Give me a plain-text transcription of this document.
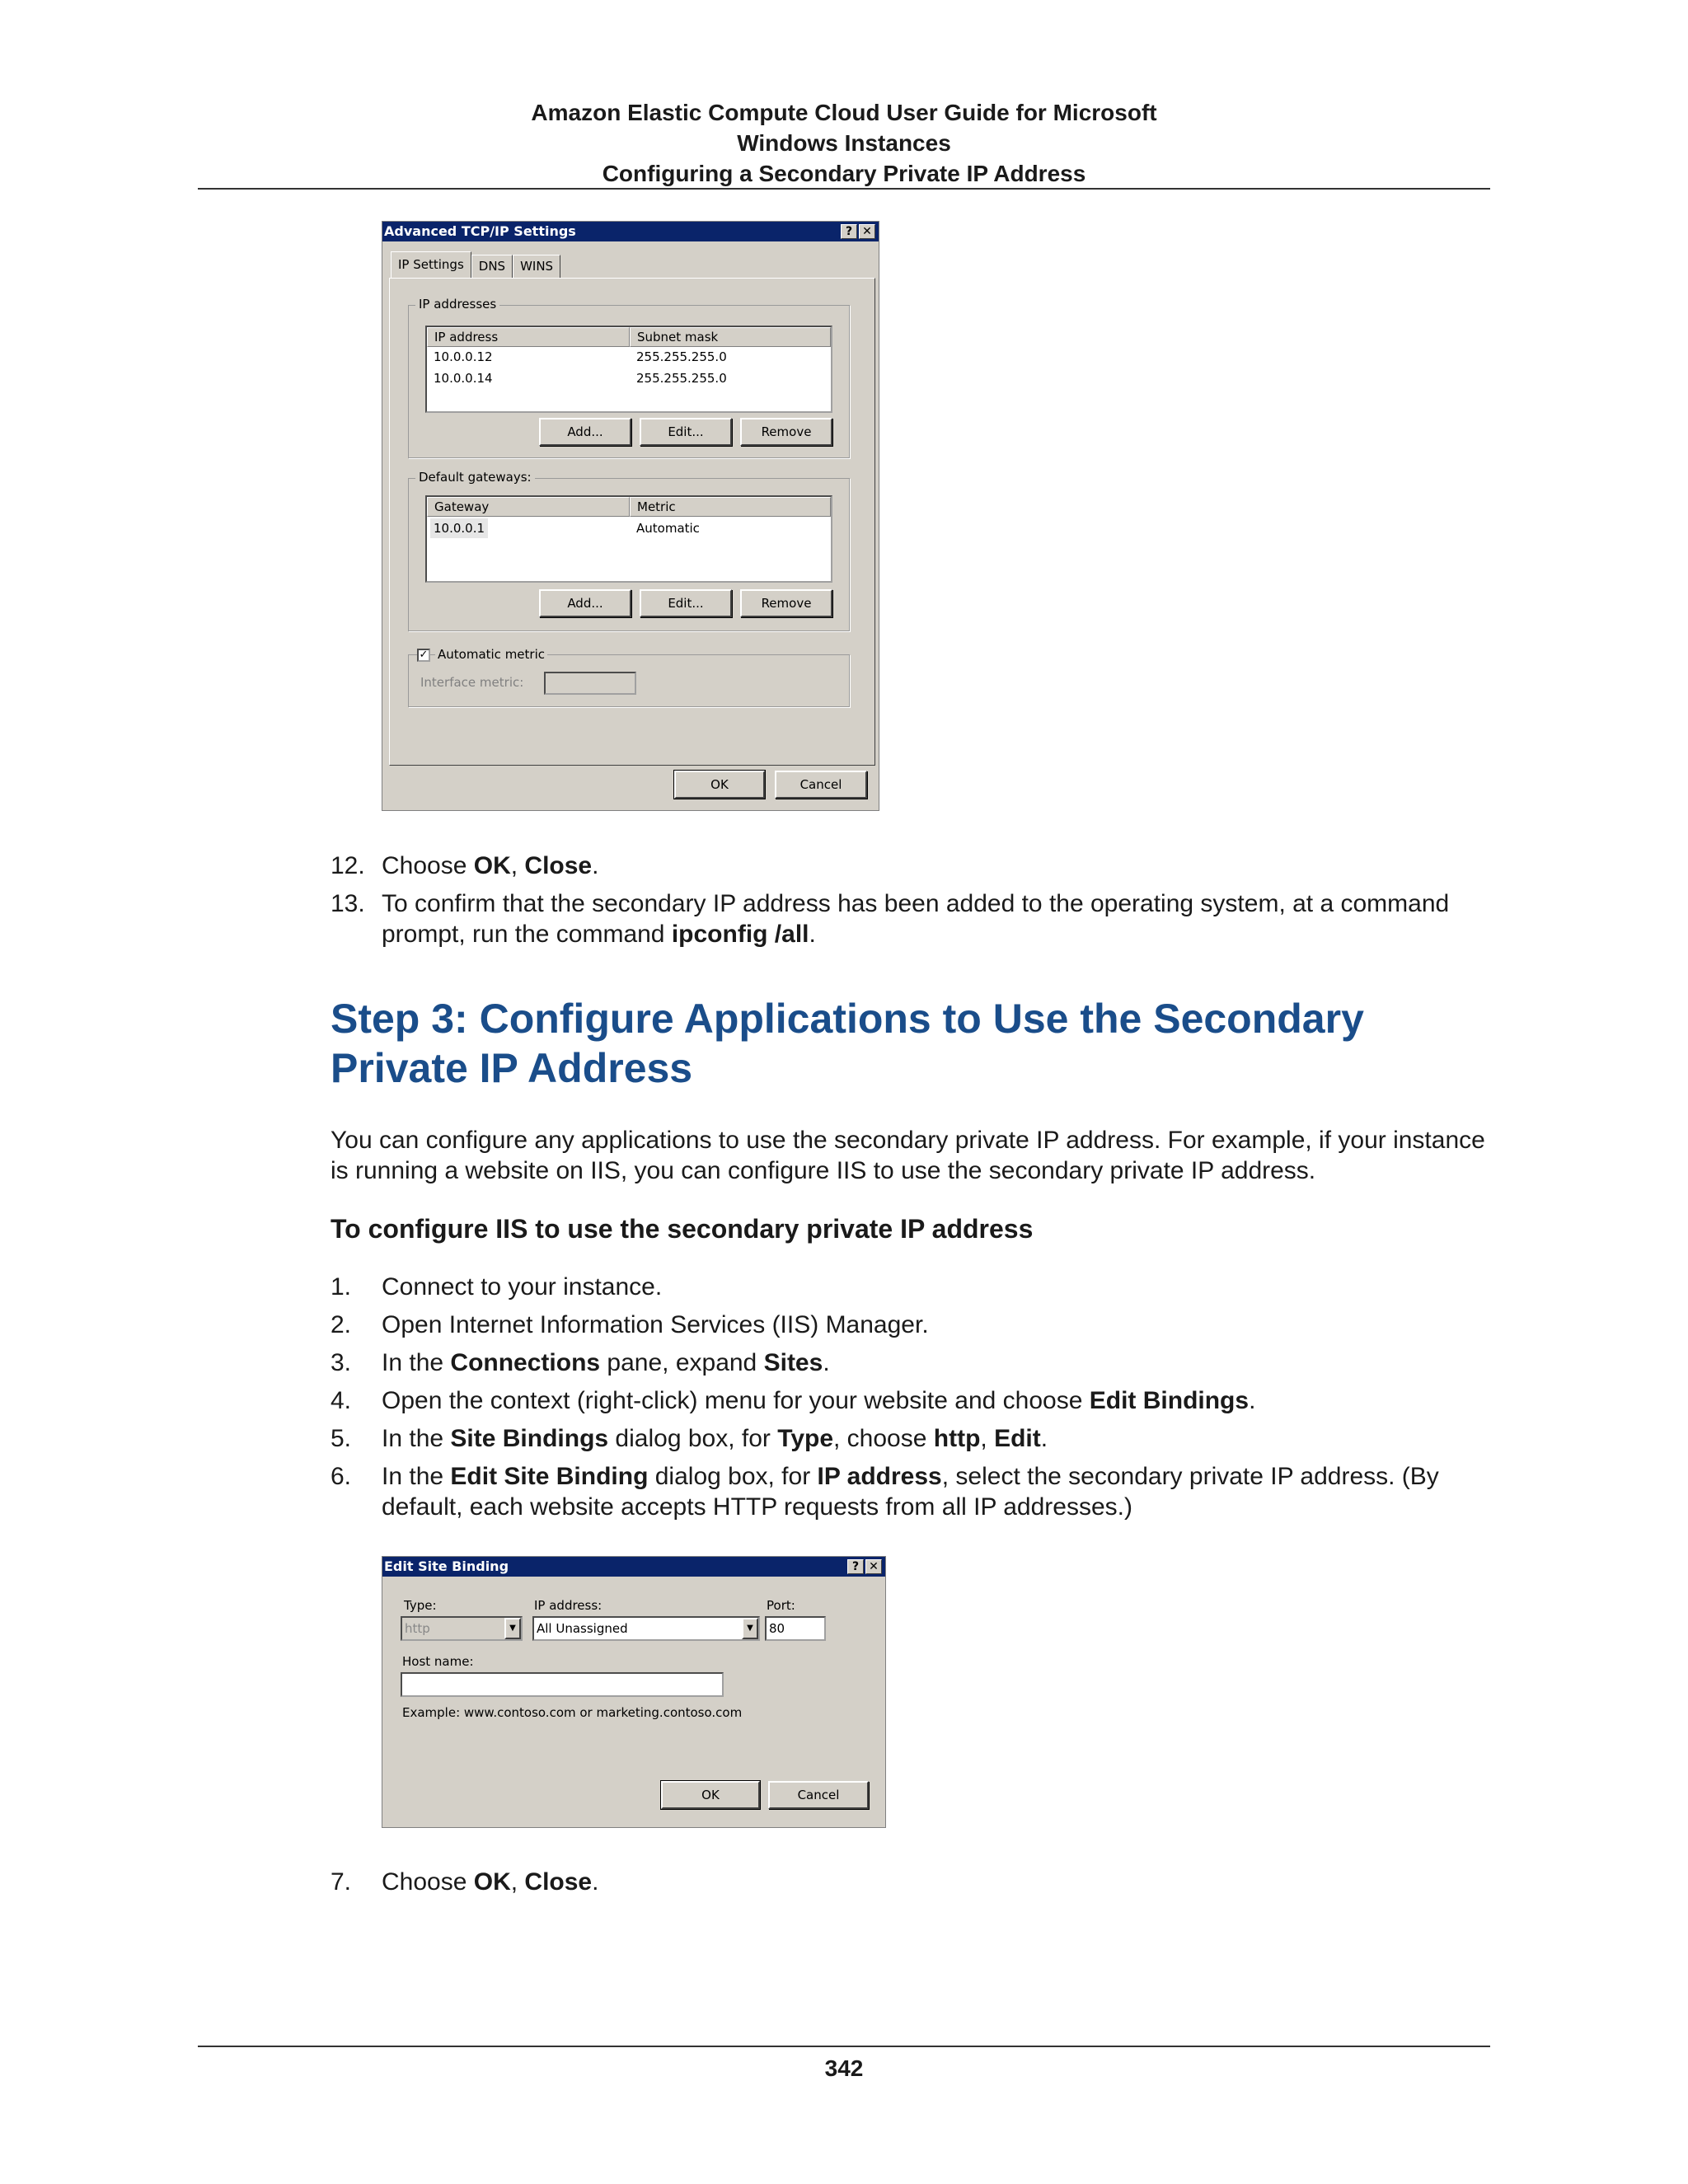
Amazon Elastic Compute Cloud User Guide for Microsoft
Windows Instances
Configuring a Secondary Private IP Address
Advanced TCP/IP Settings	? ✕
IP Settings	DNS	WINS
IP addresses
IP address	Subnet mask
10.0.0.12	255.255.255.0
10.0.0.14	255.255.255.0
Add...	Edit...	Remove
Default gateways:
Gateway	Metric
10.0.0.1	Automatic
Add...	Edit...	Remove
✓ Automatic metric
Interface metric:
OK	Cancel
12. Choose OK, Close.
13. To confirm that the secondary IP address has been added to the operating system, at a command prompt, run the command ipconfig /all.
Step 3: Configure Applications to Use the Secondary Private IP Address

You can configure any applications to use the secondary private IP address. For example, if your instance is running a website on IIS, you can configure IIS to use the secondary private IP address.

To configure IIS to use the secondary private IP address
1. Connect to your instance.
2. Open Internet Information Services (IIS) Manager.
3. In the Connections pane, expand Sites.
4. Open the context (right-click) menu for your website and choose Edit Bindings.
5. In the Site Bindings dialog box, for Type, choose http, Edit.
6. In the Edit Site Binding dialog box, for IP address, select the secondary private IP address. (By default, each website accepts HTTP requests from all IP addresses.)
Edit Site Binding	? ✕
Type:
http	▼
IP address:
All Unassigned	▼
Port:
80
Host name:
Example: www.contoso.com or marketing.contoso.com
OK	Cancel
7. Choose OK, Close.
342
